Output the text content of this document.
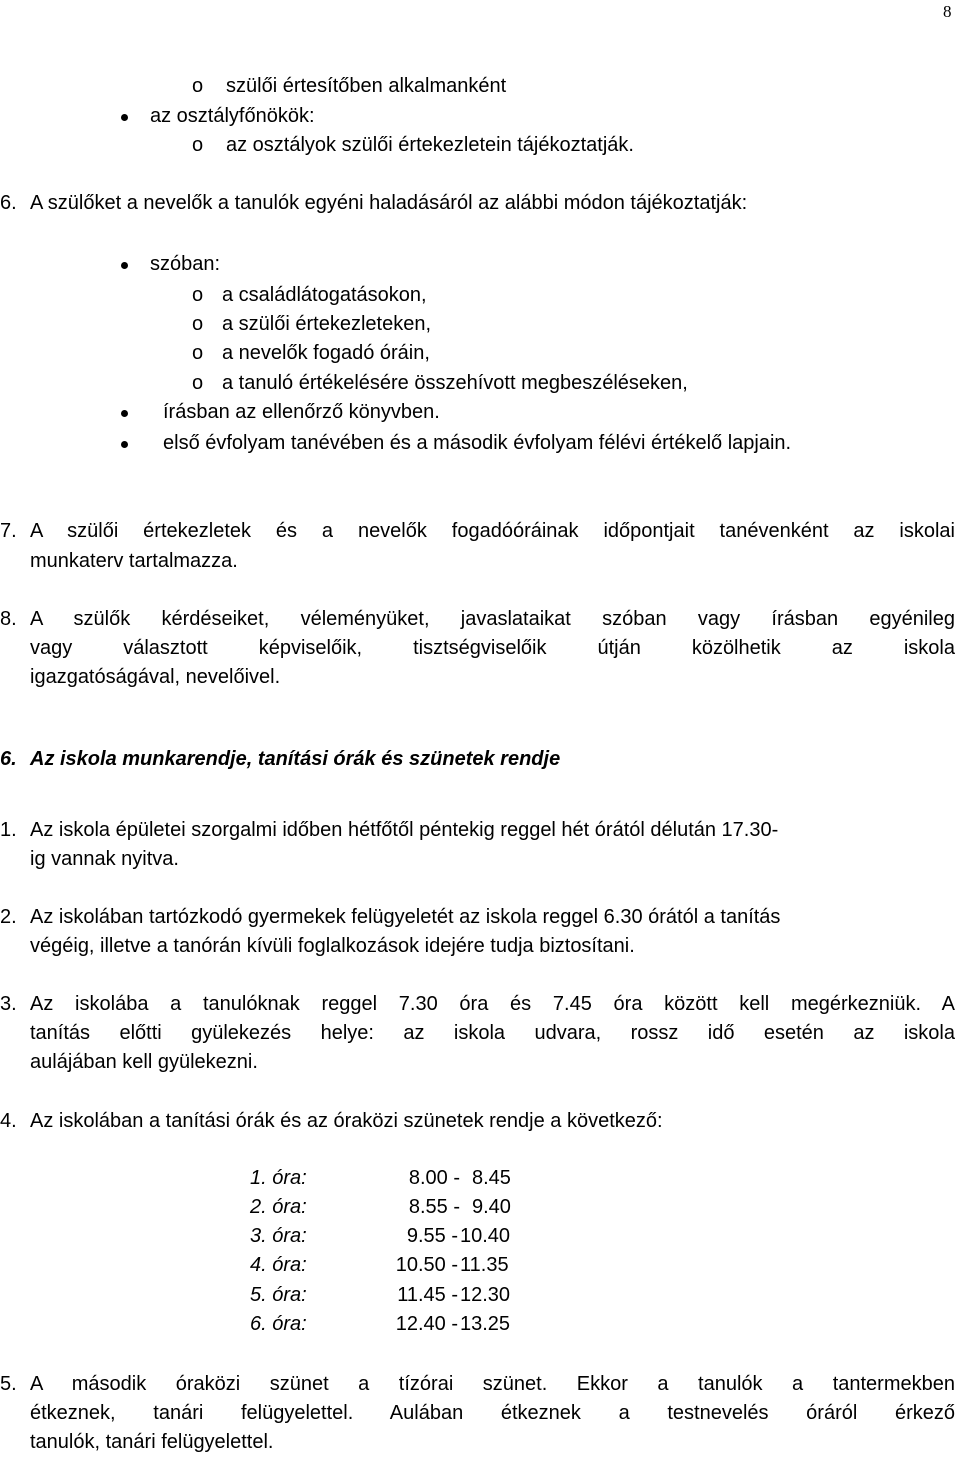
8
o szülői értesítőben alkalmanként
az osztályfőnökök:
o az osztályok szülői értekezletein tájékoztatják.
6. A szülőket a nevelők a tanulók egyéni haladásáról az alábbi módon tájékoztatják:
szóban:
o a családlátogatásokon,
o a szülői értekezleteken,
o a nevelők fogadó óráin,
o a tanuló értékelésére összehívott megbeszéléseken,
írásban az ellenőrző könyvben.
első évfolyam tanévében és a második évfolyam félévi értékelő lapjain.
7. A szülői értekezletek és a nevelők fogadóóráinak időpontjait tanévenként az iskolai
munkaterv tartalmazza.
8. A szülők kérdéseiket, véleményüket, javaslataikat szóban vagy írásban egyénileg
vagy választott képviselőik, tisztségviselőik útján közölhetik az iskola
igazgatóságával, nevelőivel.
6. Az iskola munkarendje, tanítási órák és szünetek rendje
1. Az iskola épületei szorgalmi időben hétfőtől péntekig reggel hét órától délután 17.30-
ig vannak nyitva.
2. Az iskolában tartózkodó gyermekek felügyeletét az iskola reggel 6.30 órától a tanítás
végéig, illetve a tanórán kívüli foglalkozások idejére tudja biztosítani.
3. Az iskolába a tanulóknak reggel 7.30 óra és 7.45 óra között kell megérkezniük. A
tanítás előtti gyülekezés helye: az iskola udvara, rossz idő esetén az iskola
aulájában kell gyülekezni.
4. Az iskolában a tanítási órák és az óraközi szünetek rendje a következő:
1. óra:	8.00 - 8.45
2. óra:	8.55 - 9.40
3. óra:	9.55 - 10.40
4. óra:	10.50 - 11.35
5. óra:	11.45 - 12.30
6. óra:	12.40 - 13.25
5. A második óraközi szünet a tízórai szünet. Ekkor a tanulók a tantermekben
étkeznek, tanári felügyelettel. Aulában étkeznek a testnevelés óráról érkező
tanulók, tanári felügyelettel.
